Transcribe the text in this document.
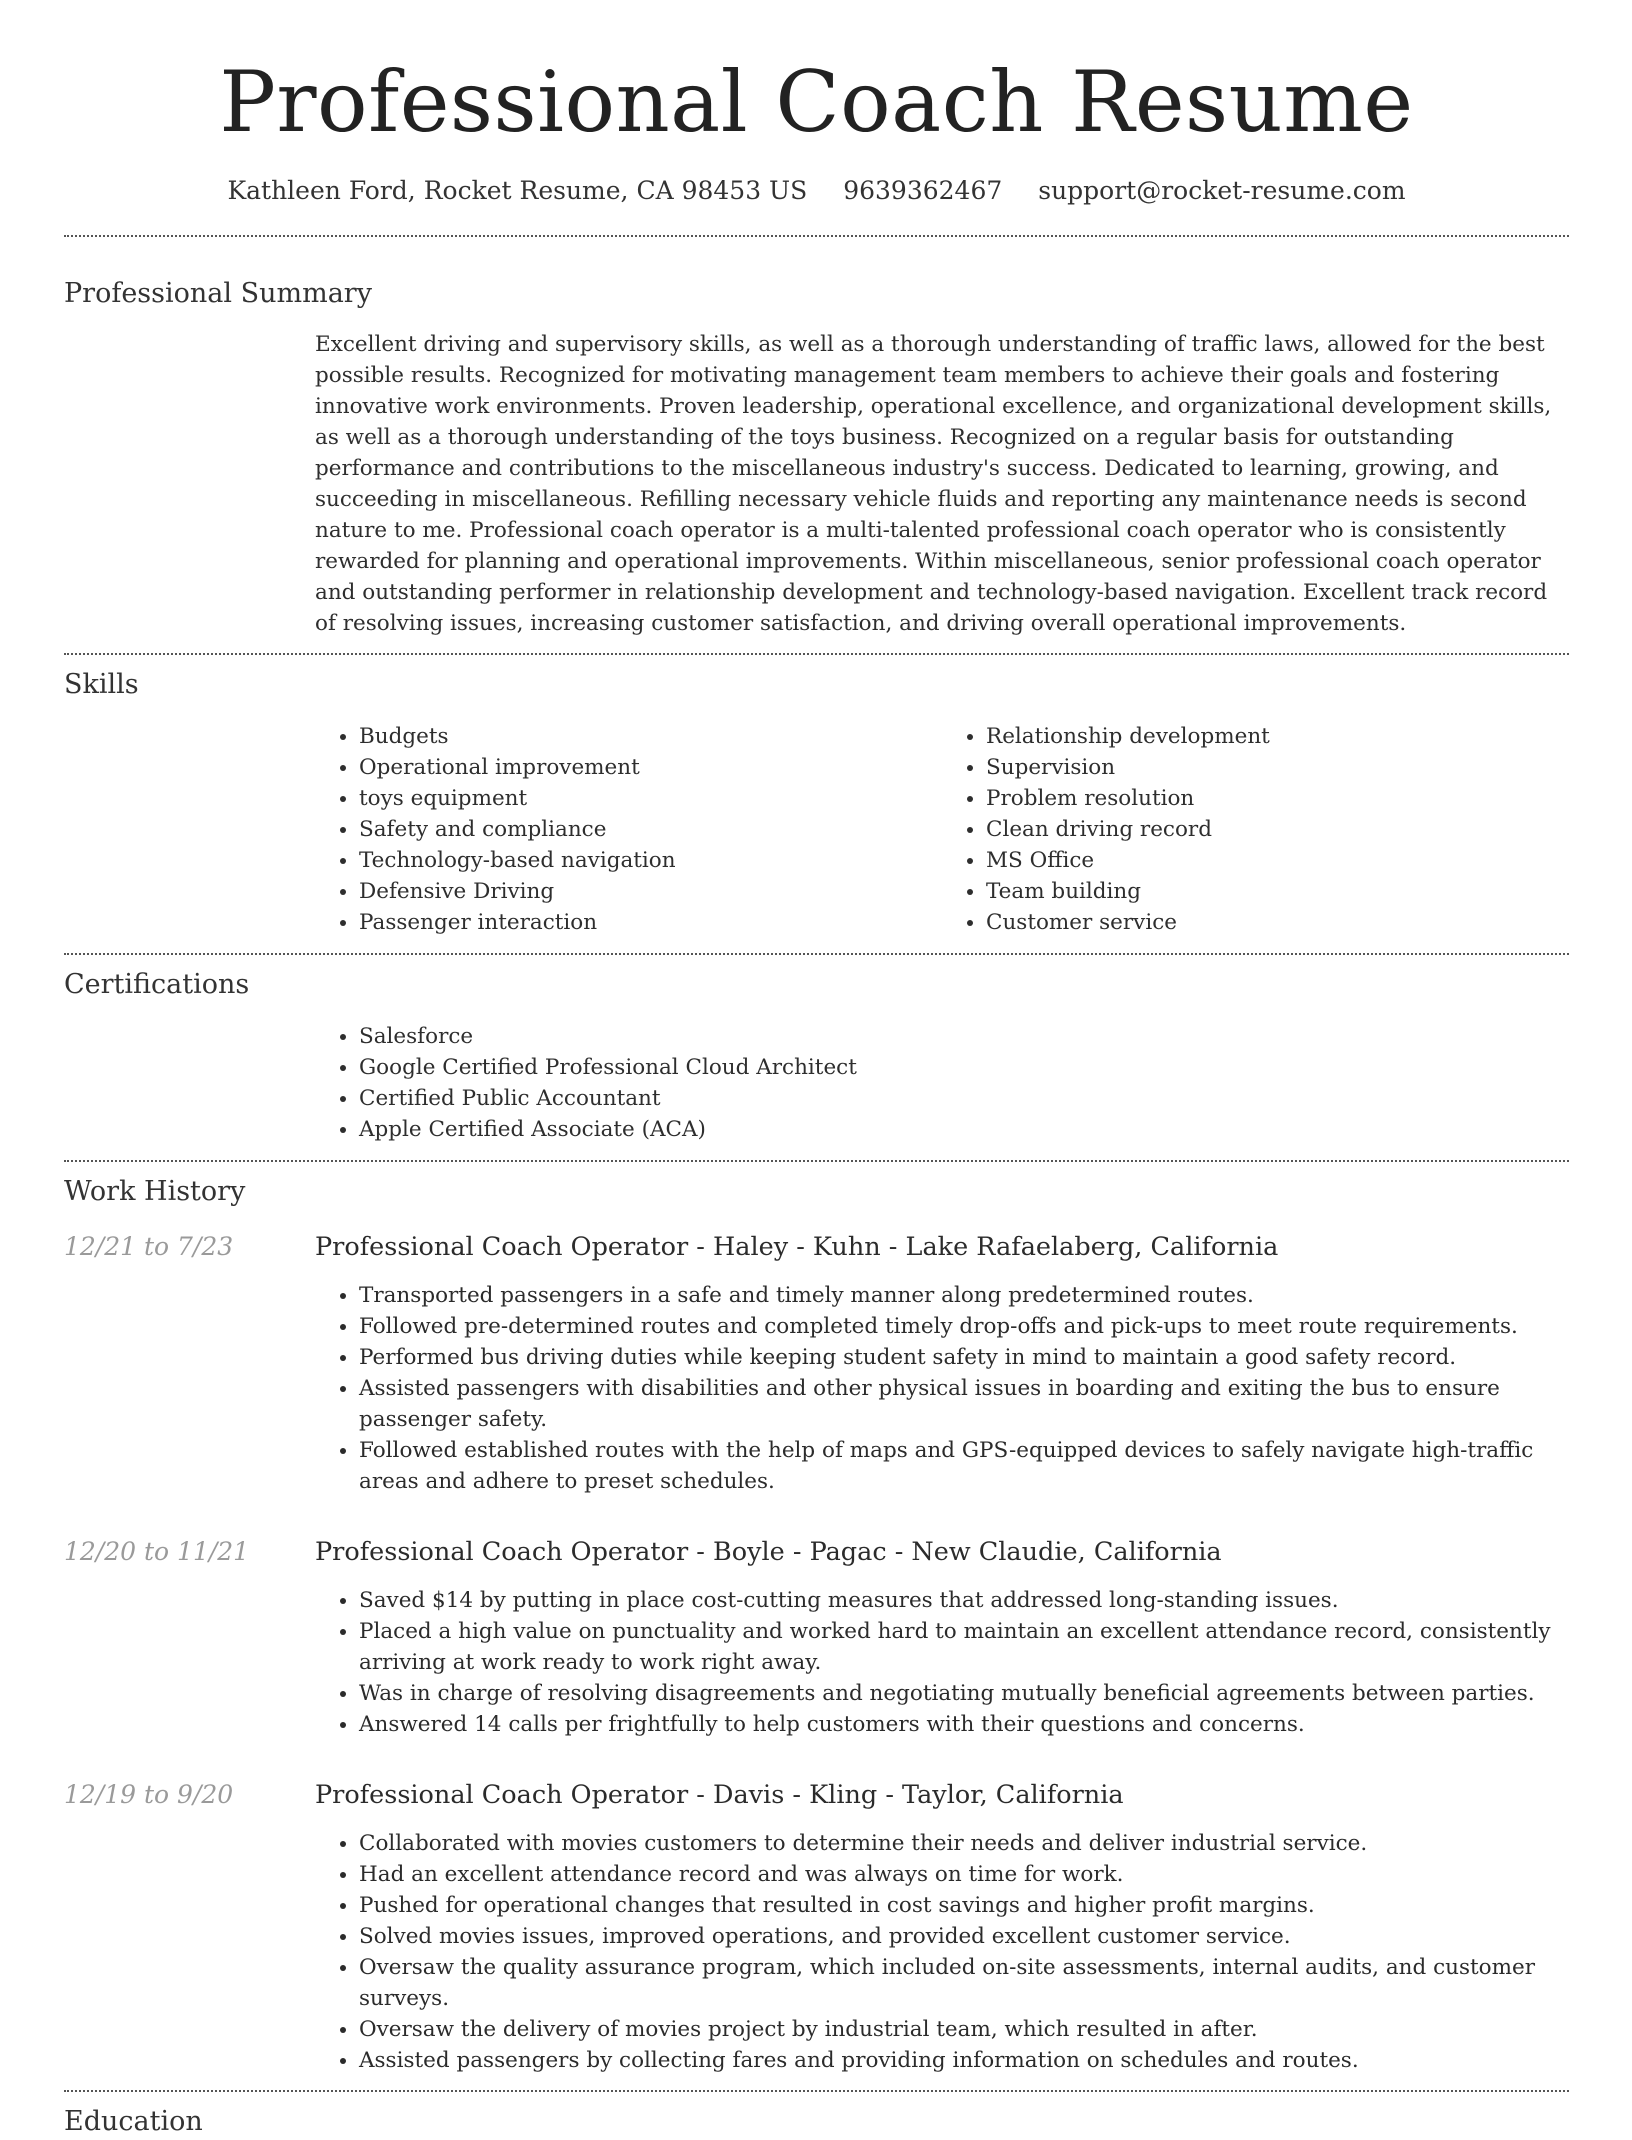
Professional Coach Resume
Kathleen Ford, Rocket Resume, CA 98453 US 9639362467 support@rocket-resume.com
Professional Summary
Excellent driving and supervisory skills, as well as a thorough understanding of traffic laws, allowed for the best possible results. Recognized for motivating management team members to achieve their goals and fostering innovative work environments. Proven leadership, operational excellence, and organizational development skills, as well as a thorough understanding of the toys business. Recognized on a regular basis for outstanding performance and contributions to the miscellaneous industry's success. Dedicated to learning, growing, and succeeding in miscellaneous. Refilling necessary vehicle fluids and reporting any maintenance needs is second nature to me. Professional coach operator is a multi-talented professional coach operator who is consistently rewarded for planning and operational improvements. Within miscellaneous, senior professional coach operator and outstanding performer in relationship development and technology-based navigation. Excellent track record of resolving issues, increasing customer satisfaction, and driving overall operational improvements.
Skills
• Budgets
• Operational improvement
• toys equipment
• Safety and compliance
• Technology-based navigation
• Defensive Driving
• Passenger interaction
• Relationship development
• Supervision
• Problem resolution
• Clean driving record
• MS Office
• Team building
• Customer service
Certifications
• Salesforce
• Google Certified Professional Cloud Architect
• Certified Public Accountant
• Apple Certified Associate (ACA)
Work History
12/21 to 7/23	Professional Coach Operator - Haley - Kuhn - Lake Rafaelaberg, California
• Transported passengers in a safe and timely manner along predetermined routes.
• Followed pre-determined routes and completed timely drop-offs and pick-ups to meet route requirements.
• Performed bus driving duties while keeping student safety in mind to maintain a good safety record.
• Assisted passengers with disabilities and other physical issues in boarding and exiting the bus to ensure passenger safety.
• Followed established routes with the help of maps and GPS-equipped devices to safely navigate high-traffic areas and adhere to preset schedules.
12/20 to 11/21	Professional Coach Operator - Boyle - Pagac - New Claudie, California
• Saved $14 by putting in place cost-cutting measures that addressed long-standing issues.
• Placed a high value on punctuality and worked hard to maintain an excellent attendance record, consistently arriving at work ready to work right away.
• Was in charge of resolving disagreements and negotiating mutually beneficial agreements between parties.
• Answered 14 calls per frightfully to help customers with their questions and concerns.
12/19 to 9/20	Professional Coach Operator - Davis - Kling - Taylor, California
• Collaborated with movies customers to determine their needs and deliver industrial service.
• Had an excellent attendance record and was always on time for work.
• Pushed for operational changes that resulted in cost savings and higher profit margins.
• Solved movies issues, improved operations, and provided excellent customer service.
• Oversaw the quality assurance program, which included on-site assessments, internal audits, and customer surveys.
• Oversaw the delivery of movies project by industrial team, which resulted in after.
• Assisted passengers by collecting fares and providing information on schedules and routes.
Education
